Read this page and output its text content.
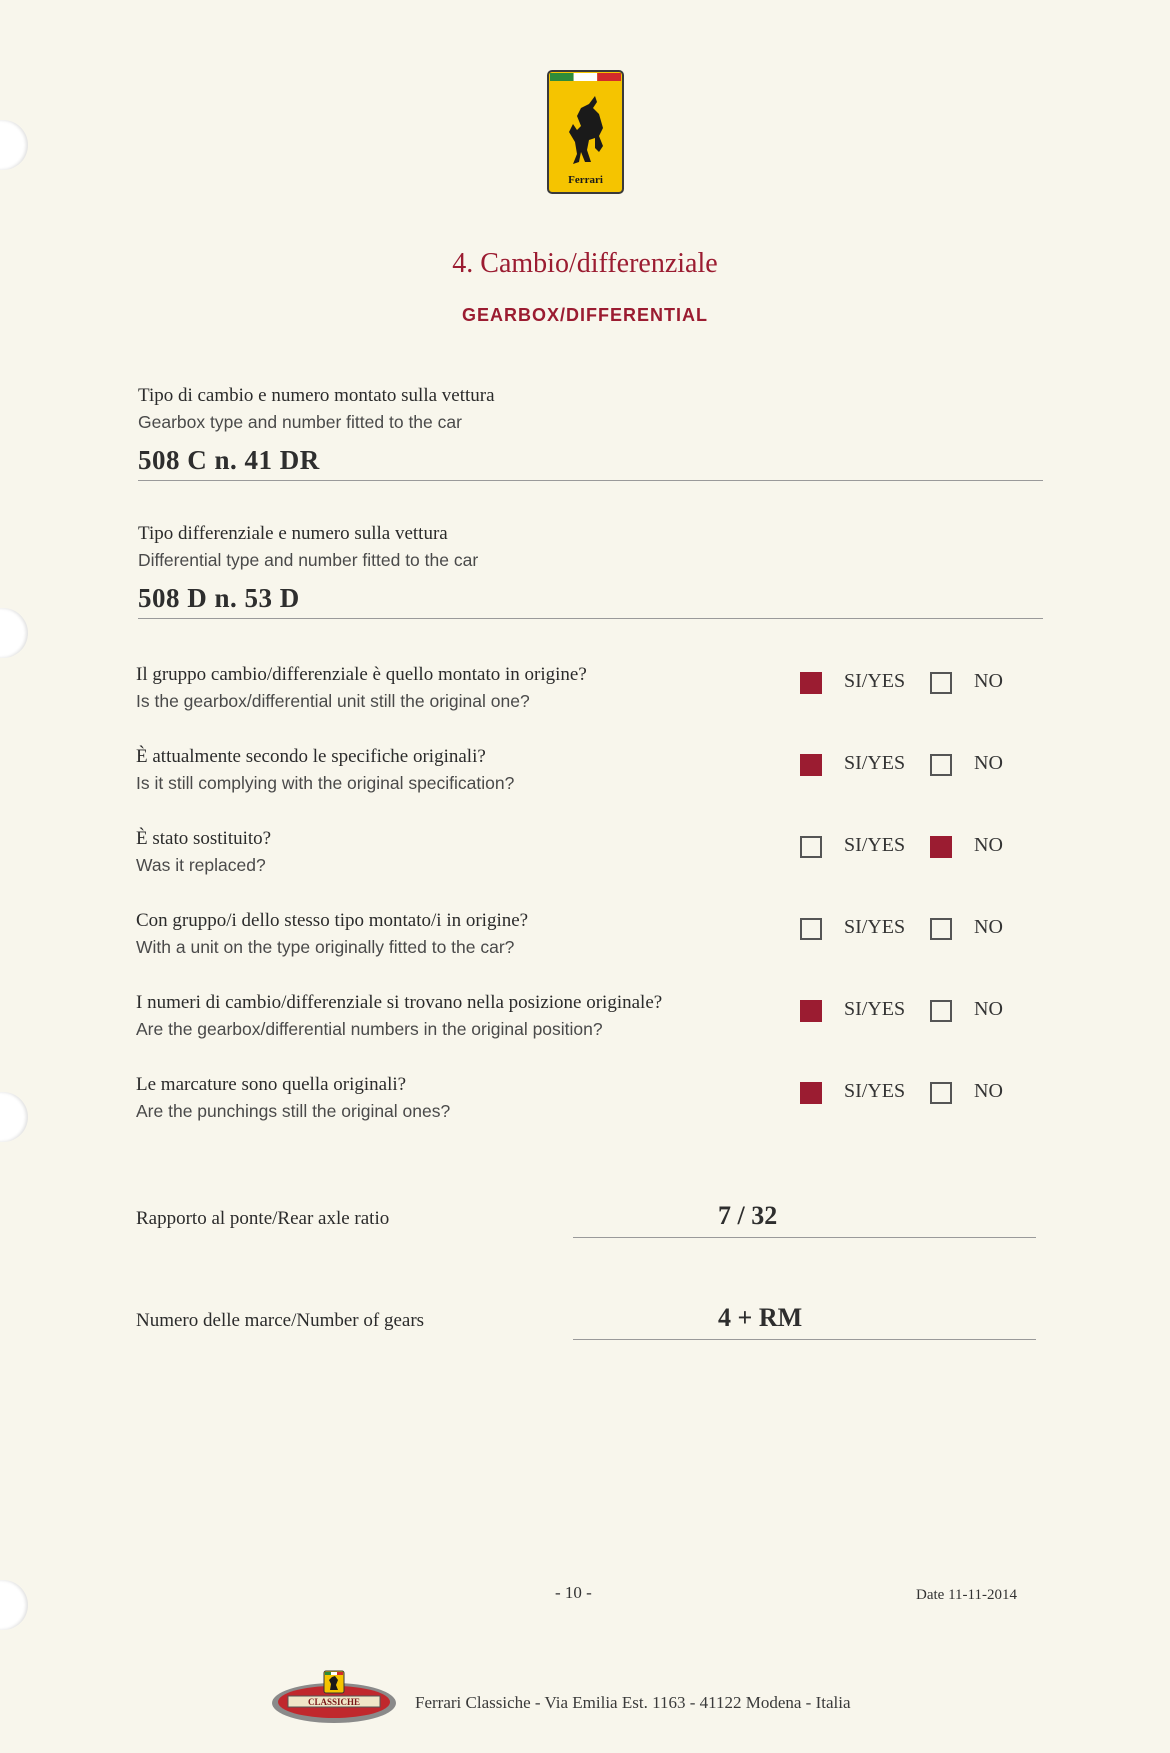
Ferrari
4. Cambio/differenziale
GEARBOX/DIFFERENTIAL
Tipo di cambio e numero montato sulla vettura
Gearbox type and number fitted to the car
508 C n. 41 DR
Tipo differenziale e numero sulla vettura
Differential type and number fitted to the car
508 D n. 53 D
Il gruppo cambio/differenziale è quello montato in origine?
Is the gearbox/differential unit still the original one?
SI/YES	NO
È attualmente secondo le specifiche originali?
Is it still complying with the original specification?
SI/YES	NO
È stato sostituito?
Was it replaced?
SI/YES	NO
Con gruppo/i dello stesso tipo montato/i in origine?
With a unit on the type originally fitted to the car?
SI/YES	NO
I numeri di cambio/differenziale si trovano nella posizione originale?
Are the gearbox/differential numbers in the original position?
SI/YES	NO
Le marcature sono quella originali?
Are the punchings still the original ones?
SI/YES	NO
Rapporto al ponte/Rear axle ratio	7 / 32
Numero delle marce/Number of gears	4 + RM
- 10 -	Date 11-11-2014
CLASSICHE	Ferrari Classiche - Via Emilia Est. 1163 - 41122 Modena - Italia
